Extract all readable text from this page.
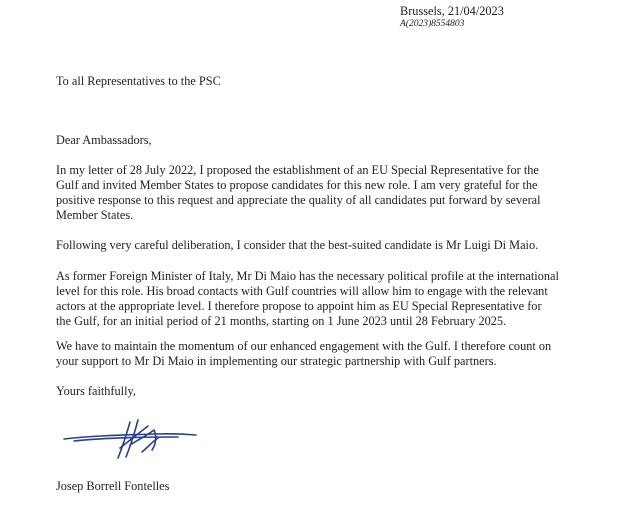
Brussels, 21/04/2023
A(2023)8554803
To all Representatives to the PSC
Dear Ambassadors,

In my letter of 28 July 2022, I proposed the establishment of an EU Special Representative for the
Gulf and invited Member States to propose candidates for this new role. I am very grateful for the
positive response to this request and appreciate the quality of all candidates put forward by several
Member States.

Following very careful deliberation, I consider that the best-suited candidate is Mr Luigi Di Maio.

As former Foreign Minister of Italy, Mr Di Maio has the necessary political profile at the international
level for this role. His broad contacts with Gulf countries will allow him to engage with the relevant
actors at the appropriate level. I therefore propose to appoint him as EU Special Representative for
the Gulf, for an initial period of 21 months, starting on 1 June 2023 until 28 February 2025.

We have to maintain the momentum of our enhanced engagement with the Gulf. I therefore count on
your support to Mr Di Maio in implementing our strategic partnership with Gulf partners.

Yours faithfully,
Josep Borrell Fontelles
